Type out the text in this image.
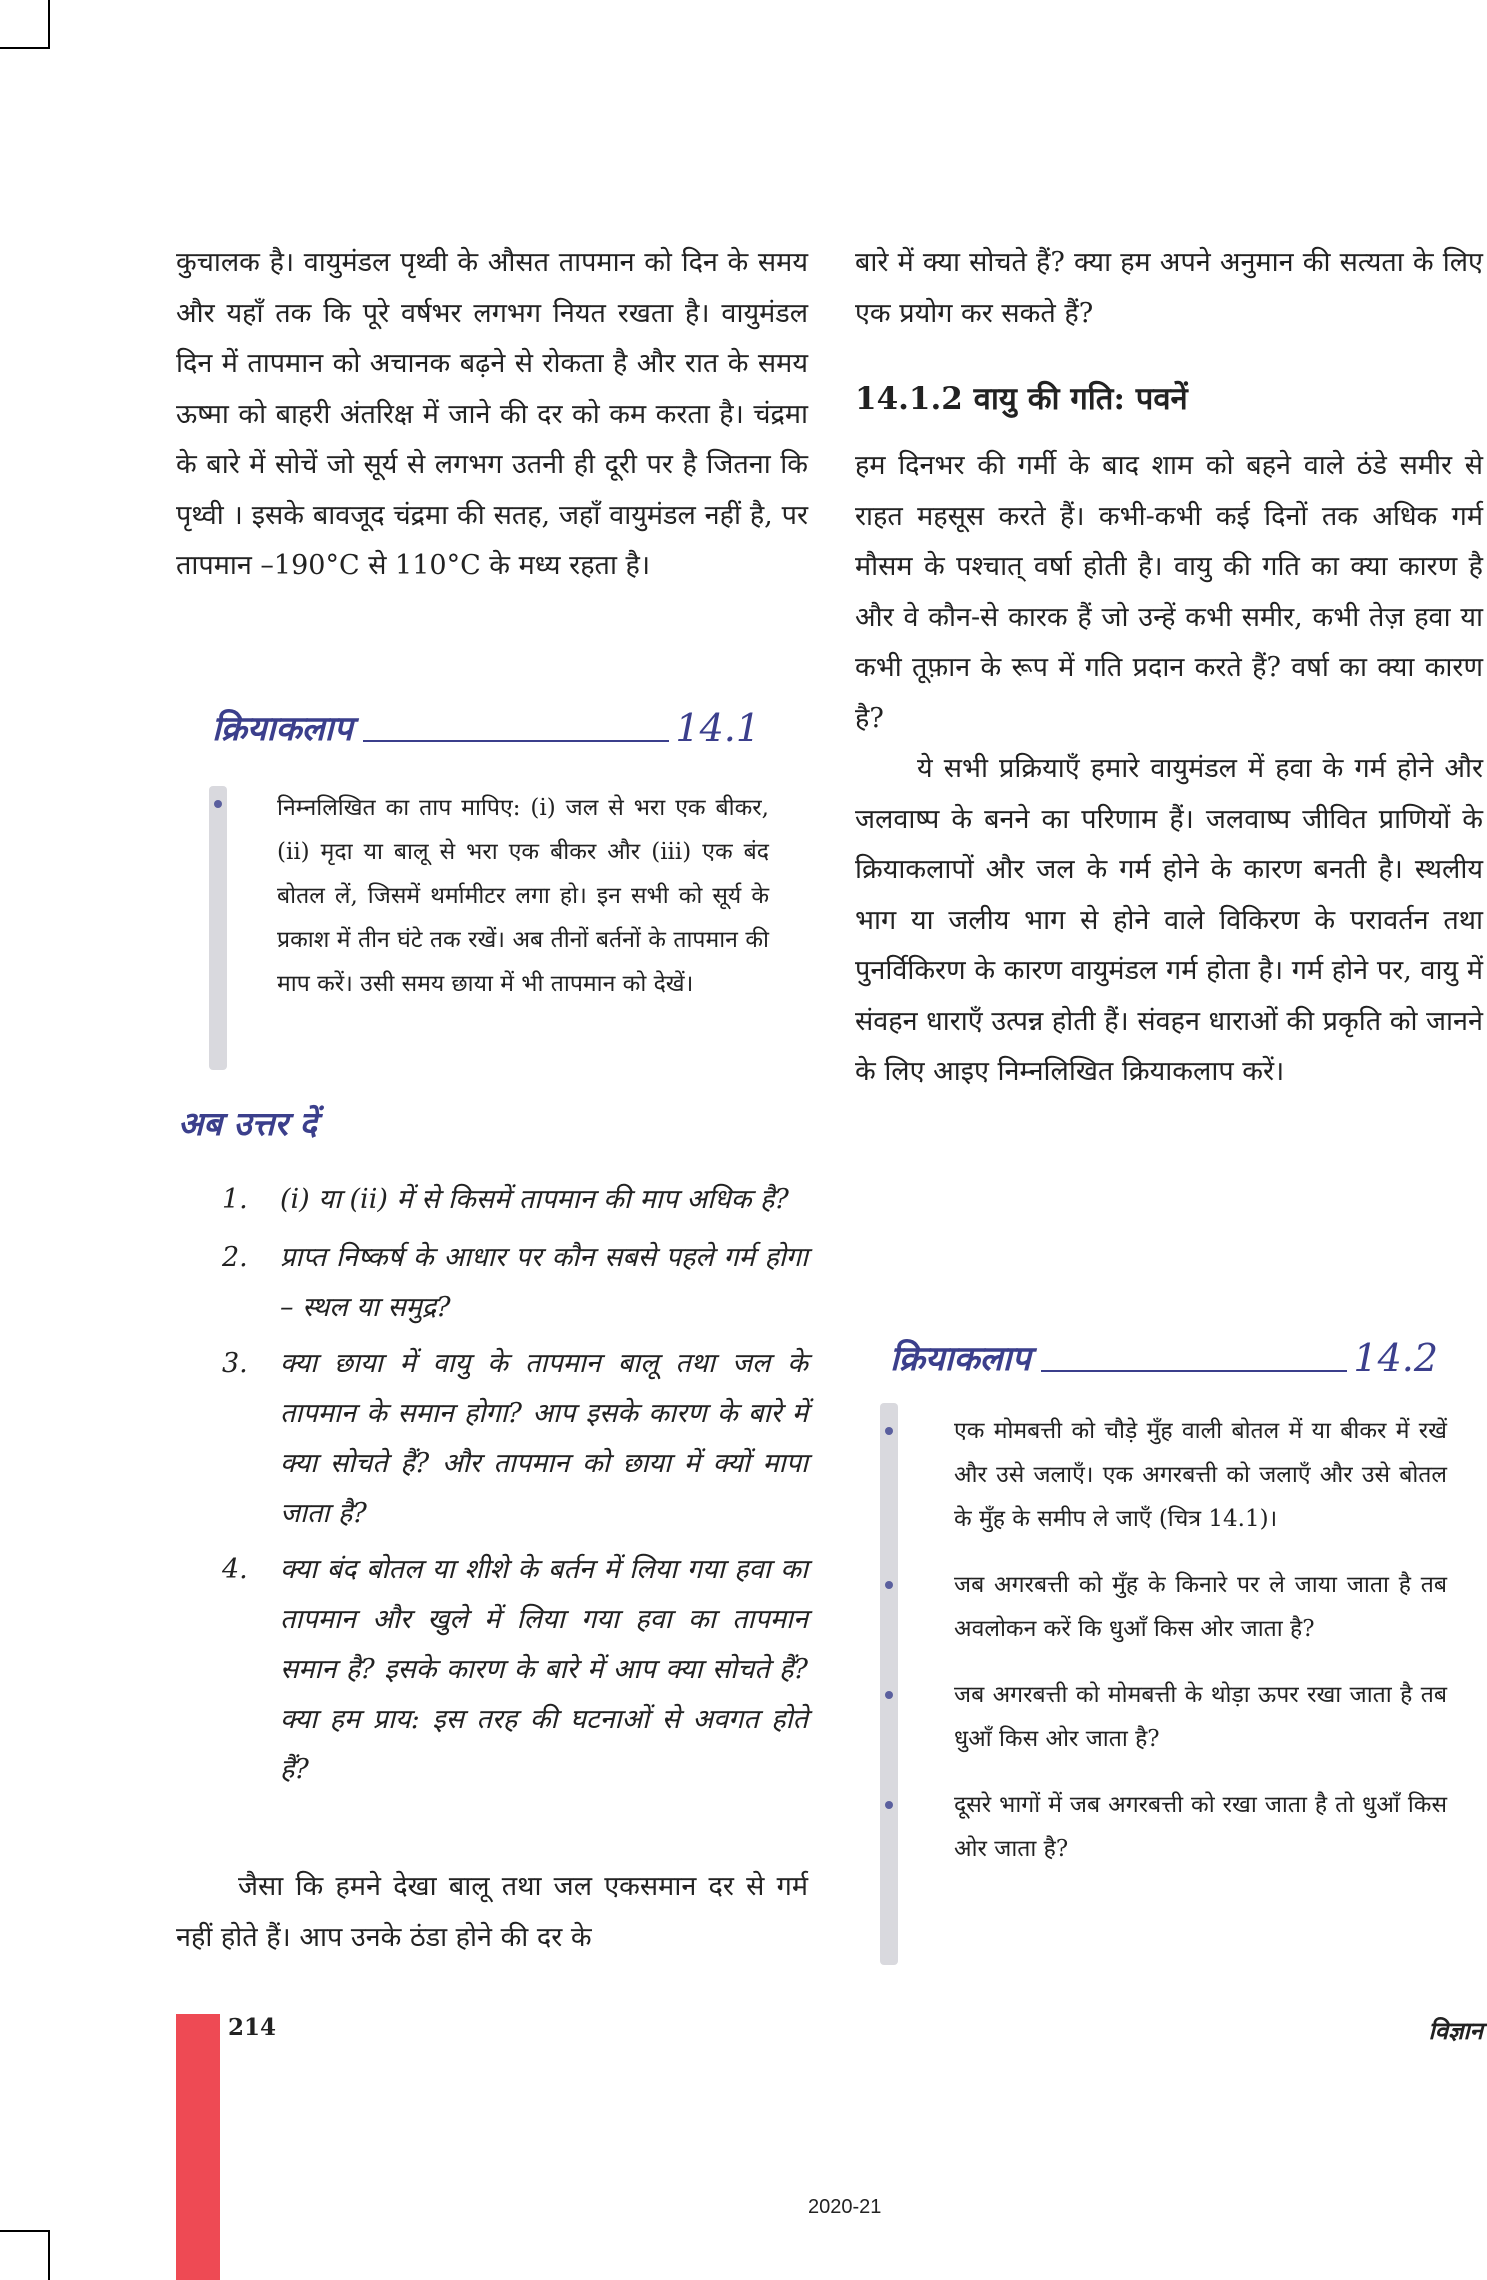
कुचालक है। वायुमंडल पृथ्वी के औसत तापमान को दिन के समय और यहाँ तक कि पूरे वर्षभर लगभग नियत रखता है। वायुमंडल दिन में तापमान को अचानक बढ़ने से रोकता है और रात के समय ऊष्मा को बाहरी अंतरिक्ष में जाने की दर को कम करता है। चंद्रमा के बारे में सोचें जो सूर्य से लगभग उतनी ही दूरी पर है जितना कि पृथ्वी । इसके बावजूद चंद्रमा की सतह, जहाँ वायुमंडल नहीं है, पर तापमान –190°C से 110°C के मध्य रहता है।

क्रियाकलाप	14.1
निम्नलिखित का ताप मापिए: (i) जल से भरा एक बीकर, (ii) मृदा या बालू से भरा एक बीकर और (iii) एक बंद बोतल लें, जिसमें थर्मामीटर लगा हो। इन सभी को सूर्य के प्रकाश में तीन घंटे तक रखें। अब तीनों बर्तनों के तापमान की माप करें। उसी समय छाया में भी तापमान को देखें।
अब उत्तर दें
1. (i) या (ii) में से किसमें तापमान की माप अधिक है?
2. प्राप्त निष्कर्ष के आधार पर कौन सबसे पहले गर्म होगा – स्थल या समुद्र?
3. क्या छाया में वायु के तापमान बालू तथा जल के तापमान के समान होगा? आप इसके कारण के बारे में क्या सोचते हैं? और तापमान को छाया में क्यों मापा जाता है?
4. क्या बंद बोतल या शीशे के बर्तन में लिया गया हवा का तापमान और खुले में लिया गया हवा का तापमान समान है? इसके कारण के बारे में आप क्या सोचते हैं? क्या हम प्राय: इस तरह की घटनाओं से अवगत होते हैं?

जैसा कि हमने देखा बालू तथा जल एकसमान दर से गर्म नहीं होते हैं। आप उनके ठंडा होने की दर के

बारे में क्या सोचते हैं? क्या हम अपने अनुमान की सत्यता के लिए एक प्रयोग कर सकते हैं?

14.1.2 वायु की गति: पवनें

हम दिनभर की गर्मी के बाद शाम को बहने वाले ठंडे समीर से राहत महसूस करते हैं। कभी-कभी कई दिनों तक अधिक गर्म मौसम के पश्चात् वर्षा होती है। वायु की गति का क्या कारण है और वे कौन-से कारक हैं जो उन्हें कभी समीर, कभी तेज़ हवा या कभी तूफ़ान के रूप में गति प्रदान करते हैं? वर्षा का क्या कारण है?

ये सभी प्रक्रियाएँ हमारे वायुमंडल में हवा के गर्म होने और जलवाष्प के बनने का परिणाम हैं। जलवाष्प जीवित प्राणियों के क्रियाकलापों और जल के गर्म होने के कारण बनती है। स्थलीय भाग या जलीय भाग से होने वाले विकिरण के परावर्तन तथा पुनर्विकिरण के कारण वायुमंडल गर्म होता है। गर्म होने पर, वायु में संवहन धाराएँ उत्पन्न होती हैं। संवहन धाराओं की प्रकृति को जानने के लिए आइए निम्नलिखित क्रियाकलाप करें।

क्रियाकलाप	14.2
एक मोमबत्ती को चौड़े मुँह वाली बोतल में या बीकर में रखें और उसे जलाएँ। एक अगरबत्ती को जलाएँ और उसे बोतल के मुँह के समीप ले जाएँ (चित्र 14.1)।
जब अगरबत्ती को मुँह के किनारे पर ले जाया जाता है तब अवलोकन करें कि धुआँ किस ओर जाता है?
जब अगरबत्ती को मोमबत्ती के थोड़ा ऊपर रखा जाता है तब धुआँ किस ओर जाता है?
दूसरे भागों में जब अगरबत्ती को रखा जाता है तो धुआँ किस ओर जाता है?
214	विज्ञान
2020-21
